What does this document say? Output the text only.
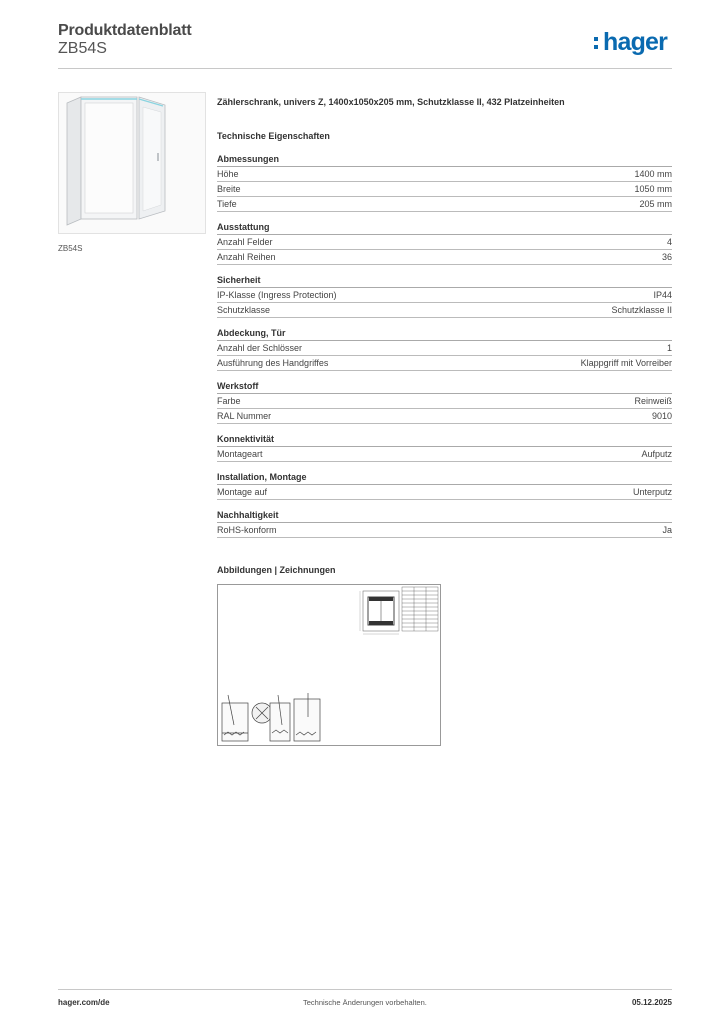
Produktdatenblatt
ZB54S	hager
ZB54S
Zählerschrank, univers Z, 1400x1050x205 mm, Schutzklasse II, 432 Platzeinheiten
Technische Eigenschaften
Abmessungen
Höhe	1400 mm
Breite	1050 mm
Tiefe	205 mm
Ausstattung
Anzahl Felder	4
Anzahl Reihen	36
Sicherheit
IP-Klasse (Ingress Protection)	IP44
Schutzklasse	Schutzklasse II
Abdeckung, Tür
Anzahl der Schlösser	1
Ausführung des Handgriffes	Klappgriff mit Vorreiber
Werkstoff
Farbe	Reinweiß
RAL Nummer	9010
Konnektivität
Montageart	Aufputz
Installation, Montage
Montage auf	Unterputz
Nachhaltigkeit
RoHS-konform	Ja
Abbildungen | Zeichnungen
hager.com/de	Technische Änderungen vorbehalten.	05.12.2025
